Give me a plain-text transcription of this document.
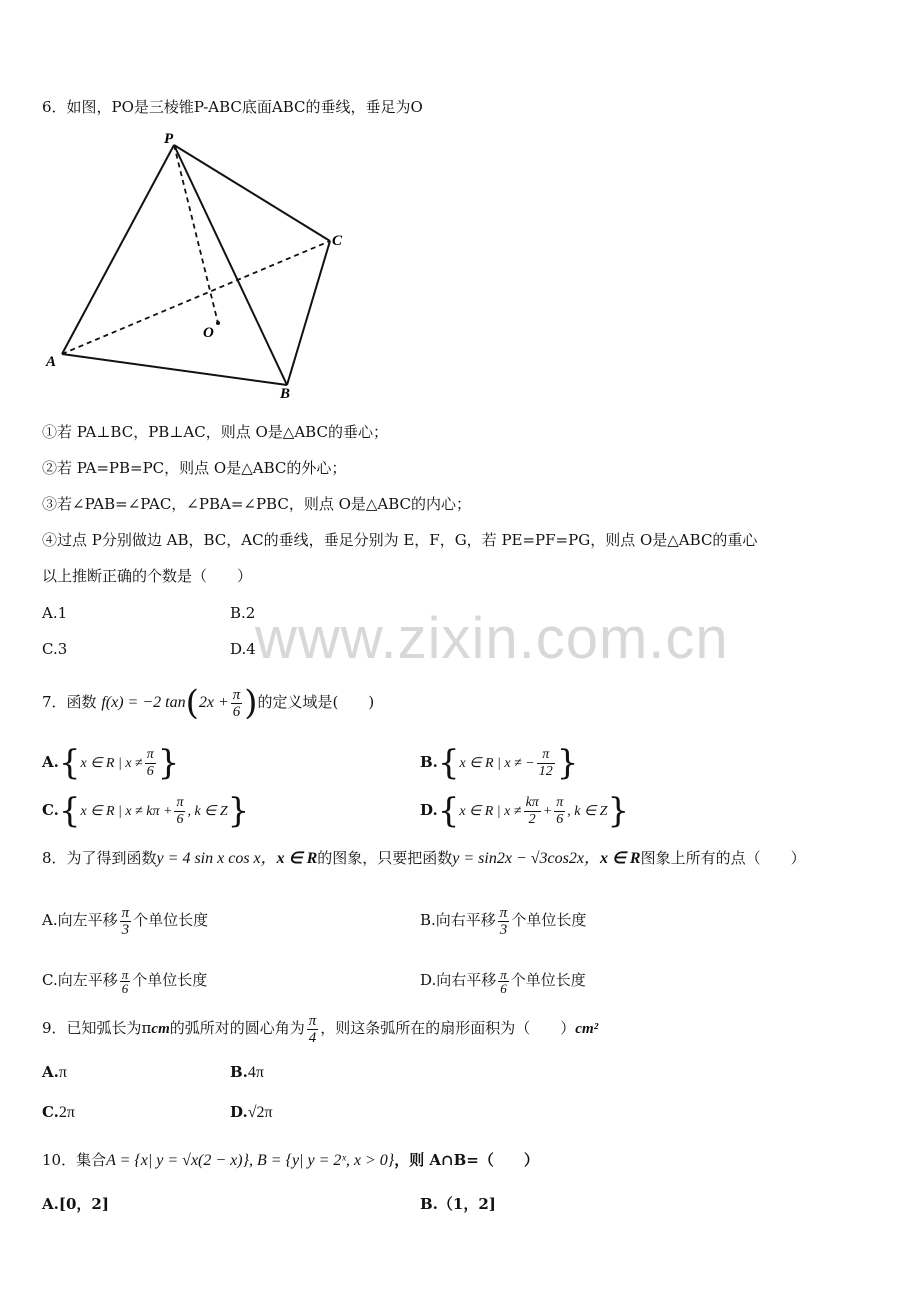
www.zixin.com.cn
6．如图，PO是三棱锥P-ABC底面ABC的垂线，垂足为O
P
A
B
C
O
①若 PA⊥BC，PB⊥AC，则点 O是△ABC的垂心；
②若 PA=PB=PC，则点 O是△ABC的外心；
③若∠PAB=∠PAC，∠PBA=∠PBC，则点 O是△ABC的内心；
④过点 P分别做边 AB，BC，AC的垂线，垂足分别为 E，F，G，若 PE=PF=PG，则点 O是△ABC的重心
以上推断正确的个数是（　　）
A.1	B.2
C.3	D.4
7．函数 f(x) = −2 $\tan(2x + \frac{\pi}{6}$ )的定义域是(　　)
A.{x ∈ R | $x \ne \frac{\pi}{6}$ }	B.{x ∈ R | x ≠ − $\frac{\pi}{12}$ }
C.{x ∈ R | $x \ne k\pi + \frac{\pi}{6}$ , k ∈ Z}	D.{x ∈ R | $x \ne \frac{k\pi}{2} + \frac{\pi}{6}$ , k ∈ Z}
8．为了得到函数y = 4 sin x cos x，x ∈ R的图象，只要把函数y = sin2x − √3cos2x，x ∈ R图象上所有的点（　　）
A.向左平移 $\frac{\pi}{3}$ 个单位长度	B.向右平移 $\frac{\pi}{3}$ 个单位长度
C.向左平移 $\frac{\pi}{6}$ 个单位长度	D.向右平移 $\frac{\pi}{6}$ 个单位长度
9．已知弧长为πcm的弧所对的圆心角为 $\frac{\pi}{4}$ ，则这条弧所在的扇形面积为（　　）cm²
A.π	B.4π
C.2π	D.√2π
10．集合A = {x| y = √x(2 − x)}, B = {y| y = 2ˣ, x > 0}，则 A∩B=（　　）
A.[0，2]	B.（1，2]
